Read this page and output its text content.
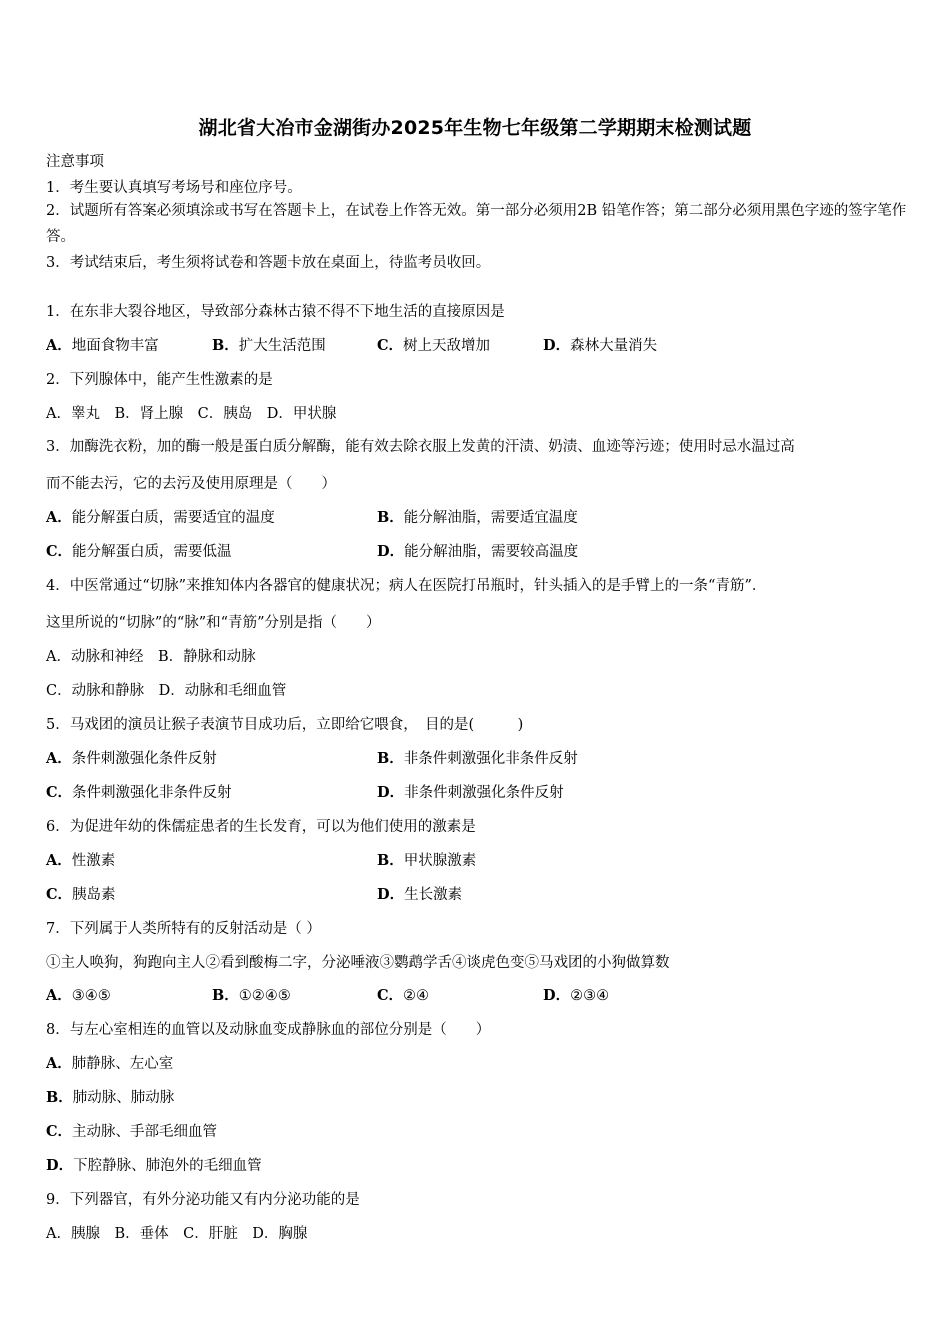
湖北省大冶市金湖街办2025年生物七年级第二学期期末检测试题
注意事项
1．考生要认真填写考场号和座位序号。
2．试题所有答案必须填涂或书写在答题卡上，在试卷上作答无效。第一部分必须用2B 铅笔作答；第二部分必须用黑色字迹的签字笔作答。
3．考试结束后，考生须将试卷和答题卡放在桌面上，待监考员收回。
1．在东非大裂谷地区，导致部分森林古猿不得不下地生活的直接原因是
A．地面食物丰富	B．扩大生活范围	C．树上天敌增加	D．森林大量消失
2．下列腺体中，能产生性激素的是
A．睾丸　B．肾上腺　C．胰岛　D．甲状腺
3．加酶洗衣粉，加的酶一般是蛋白质分解酶，能有效去除衣服上发黄的汗渍、奶渍、血迹等污迹；使用时忌水温过高
而不能去污，它的去污及使用原理是（　　）
A．能分解蛋白质，需要适宜的温度	B．能分解油脂，需要适宜温度
C．能分解蛋白质，需要低温	D．能分解油脂，需要较高温度
4．中医常通过“切脉”来推知体内各器官的健康状况；病人在医院打吊瓶时，针头插入的是手臂上的一条“青筋”．
这里所说的“切脉”的“脉”和“青筋”分别是指（　　）
A．动脉和神经　B．静脉和动脉
C．动脉和静脉　D．动脉和毛细血管
5．马戏团的演员让猴子表演节目成功后，立即给它喂食，　目的是(　　　)
A．条件刺激强化条件反射	B．非条件刺激强化非条件反射
C．条件刺激强化非条件反射	D．非条件刺激强化条件反射
6．为促进年幼的侏儒症患者的生长发育，可以为他们使用的激素是
A．性激素	B．甲状腺激素
C．胰岛素	D．生长激素
7．下列属于人类所特有的反射活动是（ ）
①主人唤狗，狗跑向主人②看到酸梅二字，分泌唾液③鹦鹉学舌④谈虎色变⑤马戏团的小狗做算数
A．③④⑤	B．①②④⑤	C．②④	D．②③④
8．与左心室相连的血管以及动脉血变成静脉血的部位分别是（　　）
A．肺静脉、左心室
B．肺动脉、肺动脉
C．主动脉、手部毛细血管
D．下腔静脉、肺泡外的毛细血管
9．下列器官，有外分泌功能又有内分泌功能的是
A．胰腺　B．垂体　C．肝脏　D．胸腺
